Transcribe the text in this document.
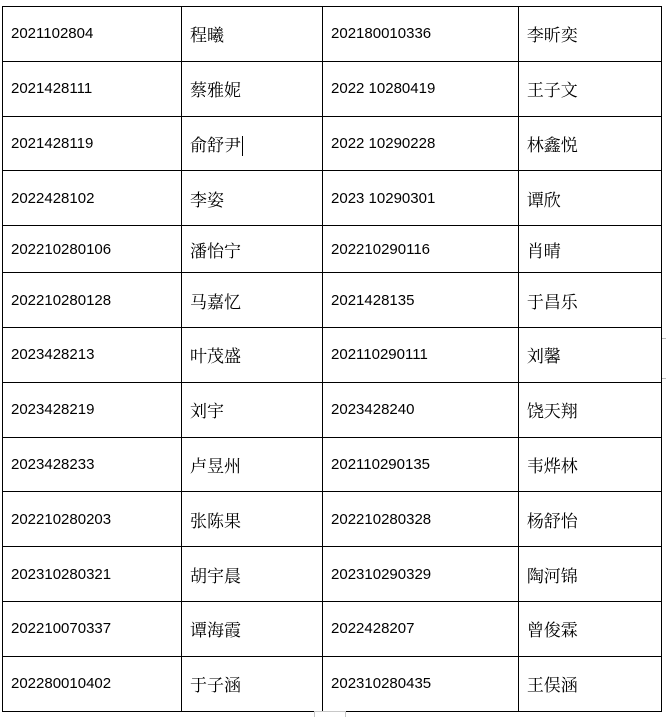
2021102804	程曦	202180010336	李昕奕
2021428111	蔡雅妮	2022 10280419	王子文
2021428119	俞舒尹	2022 10290228	林鑫悦
2022428102	李姿	2023 10290301	谭欣
202210280106	潘怡宁	202210290116	肖晴
202210280128	马嘉忆	2021428135	于昌乐
2023428213	叶茂盛	202110290111	刘馨
2023428219	刘宇	2023428240	饶天翔
2023428233	卢昱州	202110290135	韦烨林
202210280203	张陈果	202210280328	杨舒怡
202310280321	胡宇晨	202310290329	陶河锦
202210070337	谭海霞	2022428207	曾俊霖
202280010402	于子涵	202310280435	王俣涵
